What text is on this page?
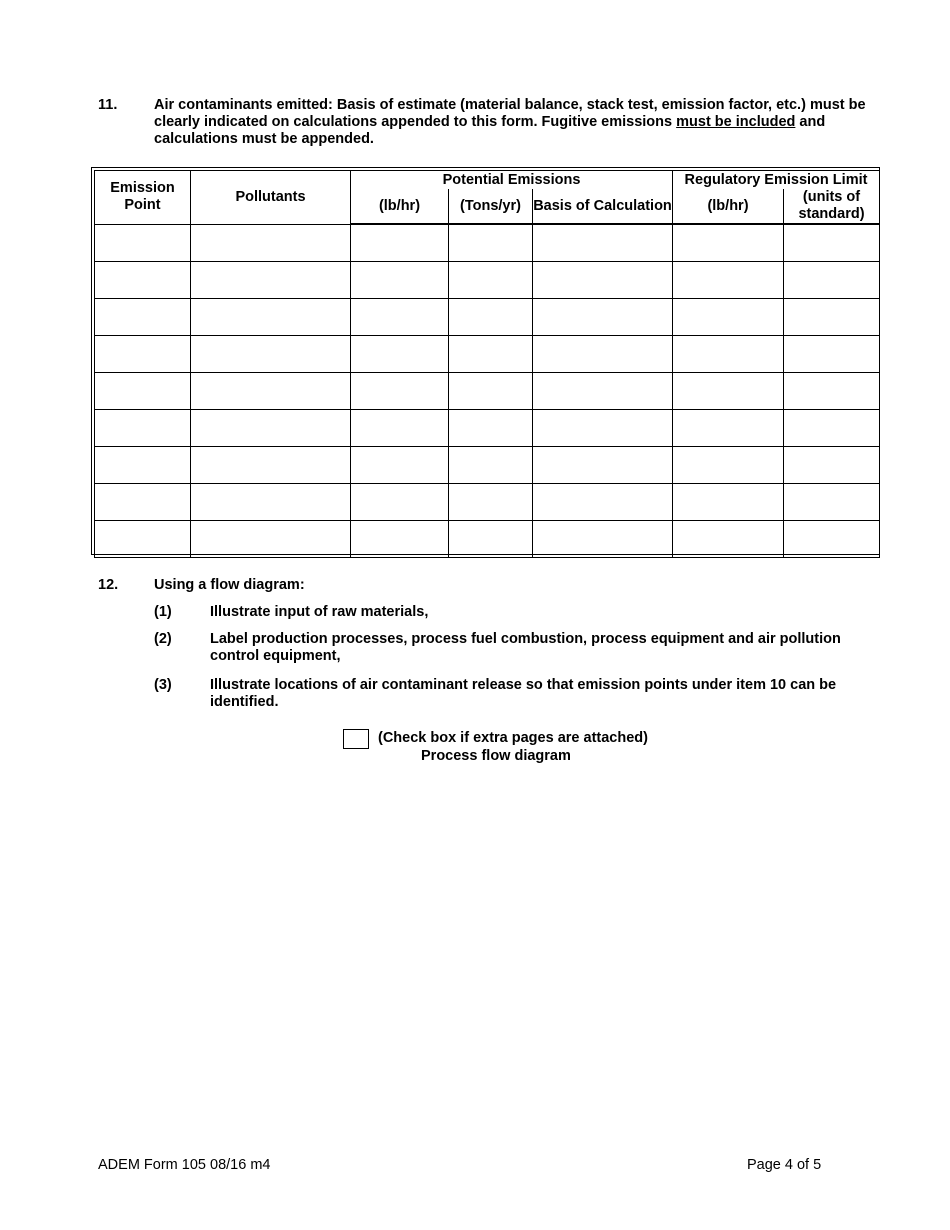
11.	Air contaminants emitted: Basis of estimate (material balance, stack test, emission factor, etc.) must be clearly indicated on calculations appended to this form. Fugitive emissions must be included and calculations must be appended.
Emission Point	Pollutants	Potential Emissions			Regulatory Emission Limit	
		(lb/hr)	(Tons/yr)	Basis of Calculation	(lb/hr)	(units of standard)

12. Using a flow diagram:
(1)	Illustrate input of raw materials,
(2)	Label production processes, process fuel combustion, process equipment and air pollution control equipment,
(3)	Illustrate locations of air contaminant release so that emission points under item 10 can be identified.
(Check box if extra pages are attached)
Process flow diagram
ADEM Form 105 08/16 m4	Page 4 of 5
